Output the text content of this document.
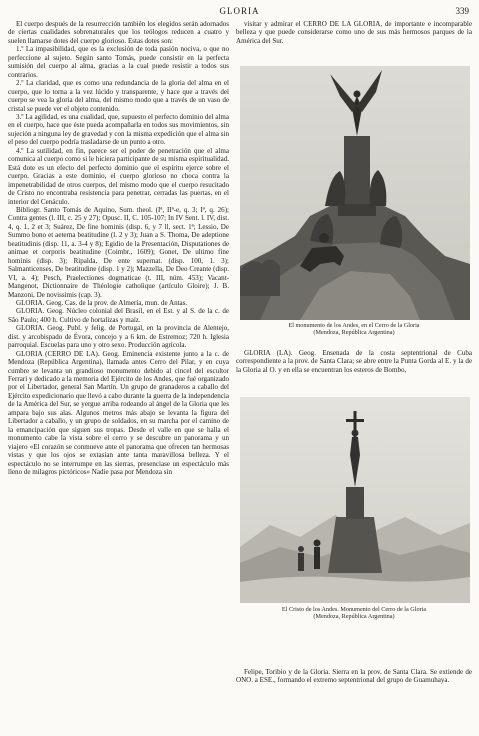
GLORIA	339

El cuerpo después de la resurrección también los elegidos serán adornados de ciertas cualidades sobrenaturales que los teólogos reducen a cuatro y suelen llamarse dotes del cuerpo glorioso. Estas dotes son:

1.º La impasibilidad, que es la exclusión de toda pasión nociva, o que no perfeccione al sujeto. Según santo Tomás, puede consistir en la perfecta sumisión del cuerpo al alma, gracias a la cual puede resistir a todos sus contrarios.

2.º La claridad, que es como una redundancia de la gloria del alma en el cuerpo, que lo torna a la vez lúcido y transparente, y hace que a través del cuerpo se vea la gloria del alma, del mismo modo que a través de un vaso de cristal se puede ver el objeto contenido.

3.º La agilidad, es una cualidad, que, supuesto el perfecto dominio del alma en el cuerpo, hace que éste pueda acompañarla en todos sus movimientos, sin sujeción a ninguna ley de gravedad y con la misma expedición que el alma sin el peso del cuerpo podría trasladarse de un punto a otro.

4.º La sutilidad, en fin, parece ser el poder de penetración que el alma comunica al cuerpo como si le hiciera participante de su misma espiritualidad. Está dote es un efecto del perfecto dominio que el espíritu ejerce sobre el cuerpo. Gracias a este dominio, el cuerpo glorioso no choca contra la impenetrabilidad de otros cuerpos, del mismo modo que el cuerpo resucitado de Cristo no encontraba resistencia para penetrar, cerradas las puertas, en el interior del Cenáculo.

Bibliogr. Santo Tomás de Aquino, Sum. theol. (Iª, IIª-e, q. 3; Iª, q. 26); Contra gentes (l. III, c. 25 y 27); Opusc. II, C. 105-107; In IV Sent. l. IV, dist. 4, q. 1, 2 et 3; Suárez, De fine hominis (disp. 6, y 7 ll, sect. 1ª; Lessio, De Summo bono et aeterna beatitudine (l. 2 y 3); Juan a S. Thoma, De adeptione beatitudinis (disp. 11, a. 3-4 y 8); Egidio de la Presentación, Disputationes de animae et corporis beatitudine (Coimbr., 1609); Gonet, De ultimo fine hominis (disp. 3); Ripalda, De ente supernat. (disp. 100, 1. 3); Salmanticenses, De beatitudine (disp. 1 y 2); Mazzella, De Deo Creante (disp. VI, a. 4); Pesch, Praelectiones dogmaticae (t. III, núm. 453); Vacant-Mangenot, Dictionnaire de Théologie catholique (artículo Gloire); J. B. Manzoni, De novissimis (cap. 3).

GLORIA. Geog. Cas. de la prov. de Almería, mun. de Antas.

GLORIA. Geog. Núcleo colonial del Brasil, en el Est. y al S. de la c. de São Paulo; 400 h. Cultivo de hortalizas y maíz.

GLORIA. Geog. Publ. y felig. de Portugal, en la provincia de Alentejo, dist. y arcobispado de Évora, concejo y a 6 km. de Estremoz; 720 h. Iglesia parroquial. Escuelas para uno y otro sexo. Producción agrícola.

GLORIA (CERRO DE LA). Geog. Eminencia existente junto a la c. de Mendoza (República Argentina), llamada antes Cerro del Pilar, y en cuya cumbre se levanta un grandioso monumento debido al cincel del escultor Ferrari y dedicado a la memoria del Ejército de los Andes, que fué organizado por el Libertador, general San Martín. Un grupo de granaderos a caballo del Ejército expedicionario que llevó a cabo durante la guerra de la independencia de la América del Sur, se yergue arriba rodeando al ángel de la Gloria que les ampara bajo sus alas. Algunos metros más abajo se levanta la figura del Libertador a caballo, y un grupo de soldados, en su marcha por el camino de la emancipación que siguen sus tropas. Desde el valle en que se halla el monumento cabe la vista sobre el cerro y se descubre un panorama y un viajero «El corazón se conmueve ante el panorama que ofrecen tan hermosas vistas y que los ojos se extasían ante tanta maravillosa belleza. Y el espectáculo no se interrumpe en las sierras, presenciase un espectáculo más lleno de milagros pictóricos» Nadie pasa por Mendoza sin

visitar y admirar el CERRO DE LA GLORIA, de importante e incomparable belleza y que puede considerarse como uno de sus más hermosos parques de la América del Sur.

El monumento de los Andes, en el Cerro de la Gloria
(Mendoza, República Argentina)

GLORIA (LA). Geog. Ensenada de la costa septentrional de Cuba correspondiente a la prov. de Santa Clara; se abre entre la Punta Gorda al E. y la de la Gloria al O. y en ella se encuentran los esteros de Bombo,

El Cristo de los Andes. Monumento del Cerro de la Gloria
(Mendoza, República Argentina)

Felipe, Toribio y de la Gloria. Sierra en la prov. de Santa Clara. Se extiende de ONO. a ESE., formando el extremo septentrional del grupo de Guamuhaya.
